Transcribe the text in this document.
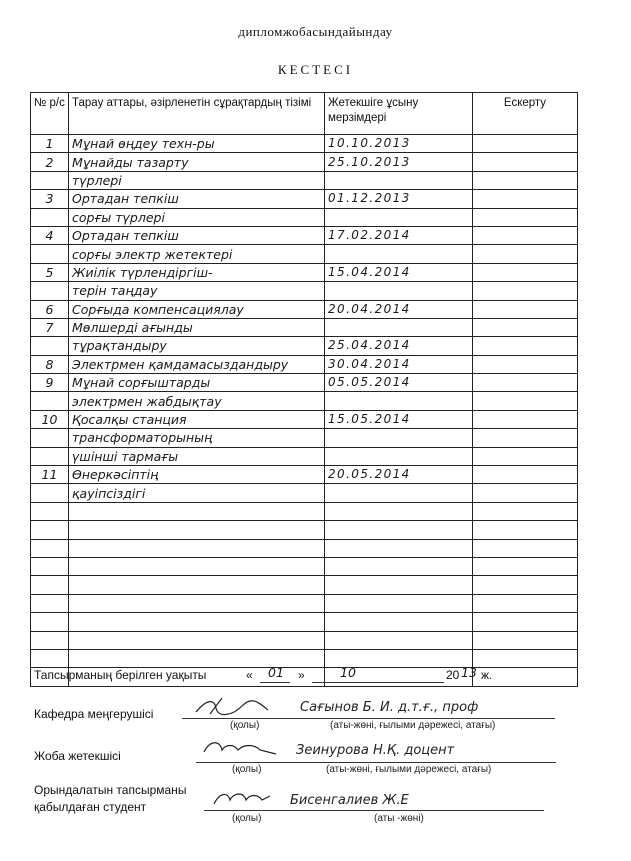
дипломжобасындайындау
КЕСТЕСІ
№ р/с	Тарау аттары, әзірленетін сұрақтардың тізімі	Жетекшіге ұсыну мерзімдері	Ескерту
1	Мұнай өңдеу техн-ры	10.10.2013	
2	Мұнайды тазарту	25.10.2013	
	түрлері		
3	Ортадан тепкіш	01.12.2013	
	сорғы түрлері		
4	Ортадан тепкіш	17.02.2014	
	сорғы электр жетектері		
5	Жиілік түрлендіргіш-	15.04.2014	
	терін таңдау		
6	Сорғыда компенсациялау	20.04.2014	
7	Мөлшерді ағынды		
	тұрақтандыру	25.04.2014	
8	Электрмен қамдамасыздандыру	30.04.2014	
9	Мұнай сорғыштарды	05.05.2014	
	электрмен жабдықтау		
10	Қосалқы станция	15.05.2014	
	трансформаторының		
	үшінші тармағы		
11	Өнеркәсіптің	20.05.2014	
	қауіпсіздігі		

Тапсырманың берілген уақыты	« 01 »	10	20 13 ж.
Кафедра меңгерушісі	Сағынов Б. И. д.т.ғ., проф
(қолы)	(аты-жөні, ғылыми дәрежесі, атағы)
Жоба жетекшісі	Зеинурова Н.Қ. доцент
(қолы)	(аты-жөні, ғылыми дәрежесі, атағы)
Орындалатын тапсырманы
қабылдаған студент	Бисенгалиев Ж.Е
(қолы)	(аты -жөні)
